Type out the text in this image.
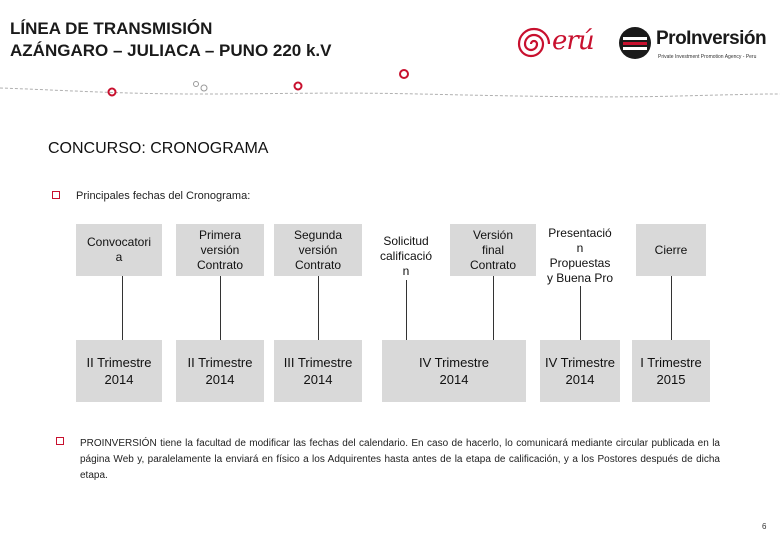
LÍNEA DE TRANSMISIÓN
AZÁNGARO – JULIACA – PUNO 220 k.V	erú	ProInversión
Private Investment Promotion Agency - Peru
CONCURSO: CRONOGRAMA
Principales fechas del Cronograma:
Convocatori
a
Primera
versión
Contrato
Segunda
versión
Contrato
Solicitud
calificació
n
Versión
final
Contrato
Presentació
n
Propuestas
y Buena Pro
Cierre
II Trimestre
2014
II Trimestre
2014
III Trimestre
2014
IV Trimestre
2014
IV Trimestre
2014
I Trimestre
2015
PROINVERSIÓN tiene la facultad de modificar las fechas del calendario. En caso de hacerlo, lo comunicará mediante circular publicada en la página Web y, paralelamente la enviará en físico a los Adquirentes hasta antes de la etapa de calificación, y a los Postores después de dicha etapa.
6
